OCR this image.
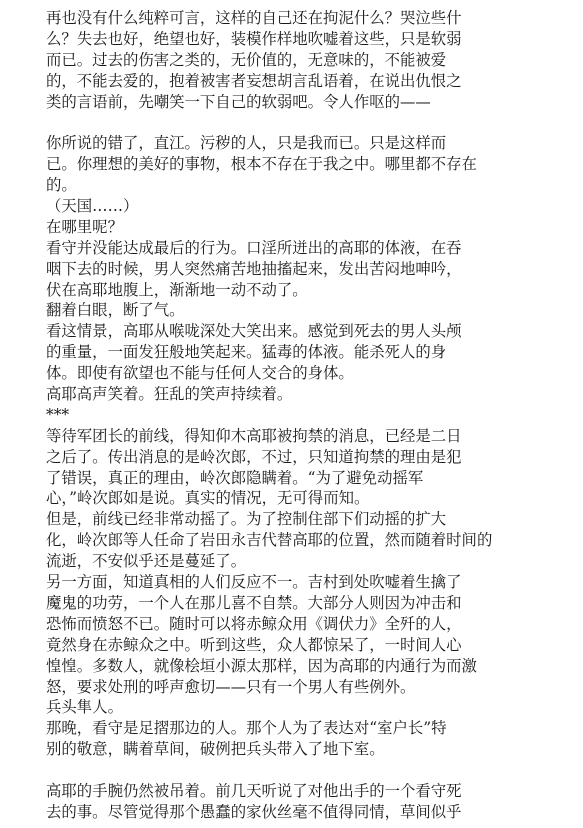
再也没有什么纯粹可言，这样的自己还在拘泥什么？哭泣些什
么？失去也好，绝望也好，装模作样地吹嘘着这些，只是软弱
而已。过去的伤害之类的，无价值的，无意味的，不能被爱
的，不能去爱的，抱着被害者妄想胡言乱语着，在说出仇恨之
类的言语前，先嘲笑一下自己的软弱吧。令人作呕的——
你所说的错了，直江。污秽的人，只是我而已。只是这样而
已。你理想的美好的事物，根本不存在于我之中。哪里都不存在
的。
（天国……）
在哪里呢？
看守并没能达成最后的行为。口淫所迸出的高耶的体液，在吞
咽下去的时候，男人突然痛苦地抽搐起来，发出苦闷地呻吟，
伏在高耶地腹上，渐渐地一动不动了。
翻着白眼，断了气。
看这情景，高耶从喉咙深处大笑出来。感觉到死去的男人头颅
的重量，一面发狂般地笑起来。猛毒的体液。能杀死人的身
体。即使有欲望也不能与任何人交合的身体。
高耶高声笑着。狂乱的笑声持续着。
***
等待军团长的前线，得知仰木高耶被拘禁的消息，已经是二日
之后了。传出消息的是岭次郎，不过，只知道拘禁的理由是犯
了错误，真正的理由，岭次郎隐瞒着。“为了避免动摇军
心，”岭次郎如是说。真实的情况，无可得而知。
但是，前线已经非常动摇了。为了控制住部下们动摇的扩大
化，岭次郎等人任命了岩田永吉代替高耶的位置，然而随着时间的
流逝，不安似乎还是蔓延了。
另一方面，知道真相的人们反应不一。吉村到处吹嘘着生擒了
魔鬼的功劳，一个人在那儿喜不自禁。大部分人则因为冲击和
恐怖而愤怒不已。随时可以将赤鲸众用《调伏力》全歼的人，
竟然身在赤鲸众之中。听到这些，众人都惊呆了，一时间人心
惶惶。多数人，就像桧垣小源太那样，因为高耶的内通行为而激
怒，要求处刑的呼声愈切——只有一个男人有些例外。
兵头隼人。
那晚，看守是足摺那边的人。那个人为了表达对“室户长”特
别的敬意，瞒着草间，破例把兵头带入了地下室。
高耶的手腕仍然被吊着。前几天听说了对他出手的一个看守死
去的事。尽管觉得那个愚蠢的家伙丝毫不值得同情，草间似乎
